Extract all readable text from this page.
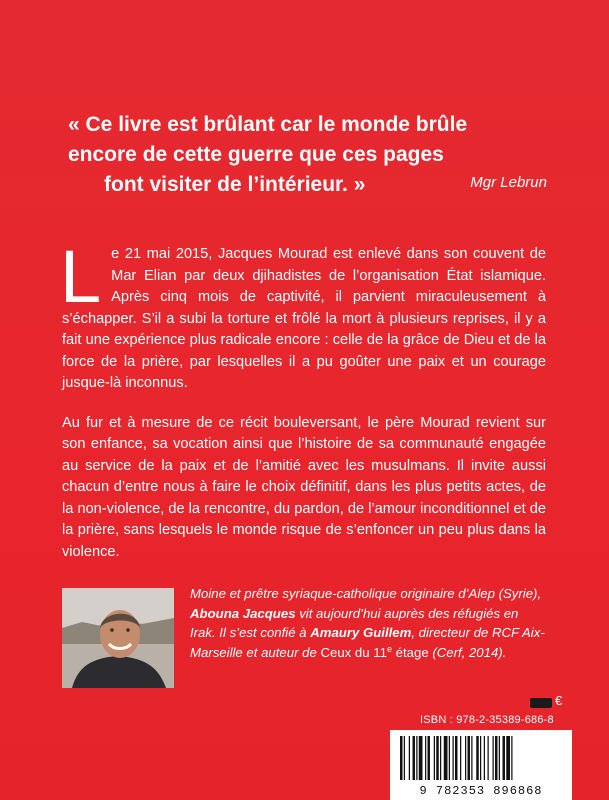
« Ce livre est brûlant car le monde brûle
encore de cette guerre que ces pages
font visiter de l’intérieur. »	Mgr Lebrun

Le 21 mai 2015, Jacques Mourad est enlevé dans son couvent de Mar Elian par deux djihadistes de l’organisation État islamique. Après cinq mois de captivité, il parvient miraculeusement à s’échapper. S’il a subi la torture et frôlé la mort à plusieurs reprises, il y a fait une expérience plus radicale encore : celle de la grâce de Dieu et de la force de la prière, par lesquelles il a pu goûter une paix et un courage jusque-là inconnus.

Au fur et à mesure de ce récit bouleversant, le père Mourad revient sur son enfance, sa vocation ainsi que l’histoire de sa communauté engagée au service de la paix et de l’amitié avec les musulmans. Il invite aussi chacun d’entre nous à faire le choix définitif, dans les plus petits actes, de la non-violence, de la rencontre, du pardon, de l’amour inconditionnel et de la prière, sans lesquels le monde risque de s’enfoncer un peu plus dans la violence.

Moine et prêtre syriaque-catholique originaire d’Alep (Syrie), Abouna Jacques vit aujourd’hui auprès des réfugiés en Irak. Il s’est confié à Amaury Guillem, directeur de RCF Aix-Marseille et auteur de Ceux du 11e étage (Cerf, 2014).
€
ISBN : 978-2-35389-686-8
9 782353 896868
